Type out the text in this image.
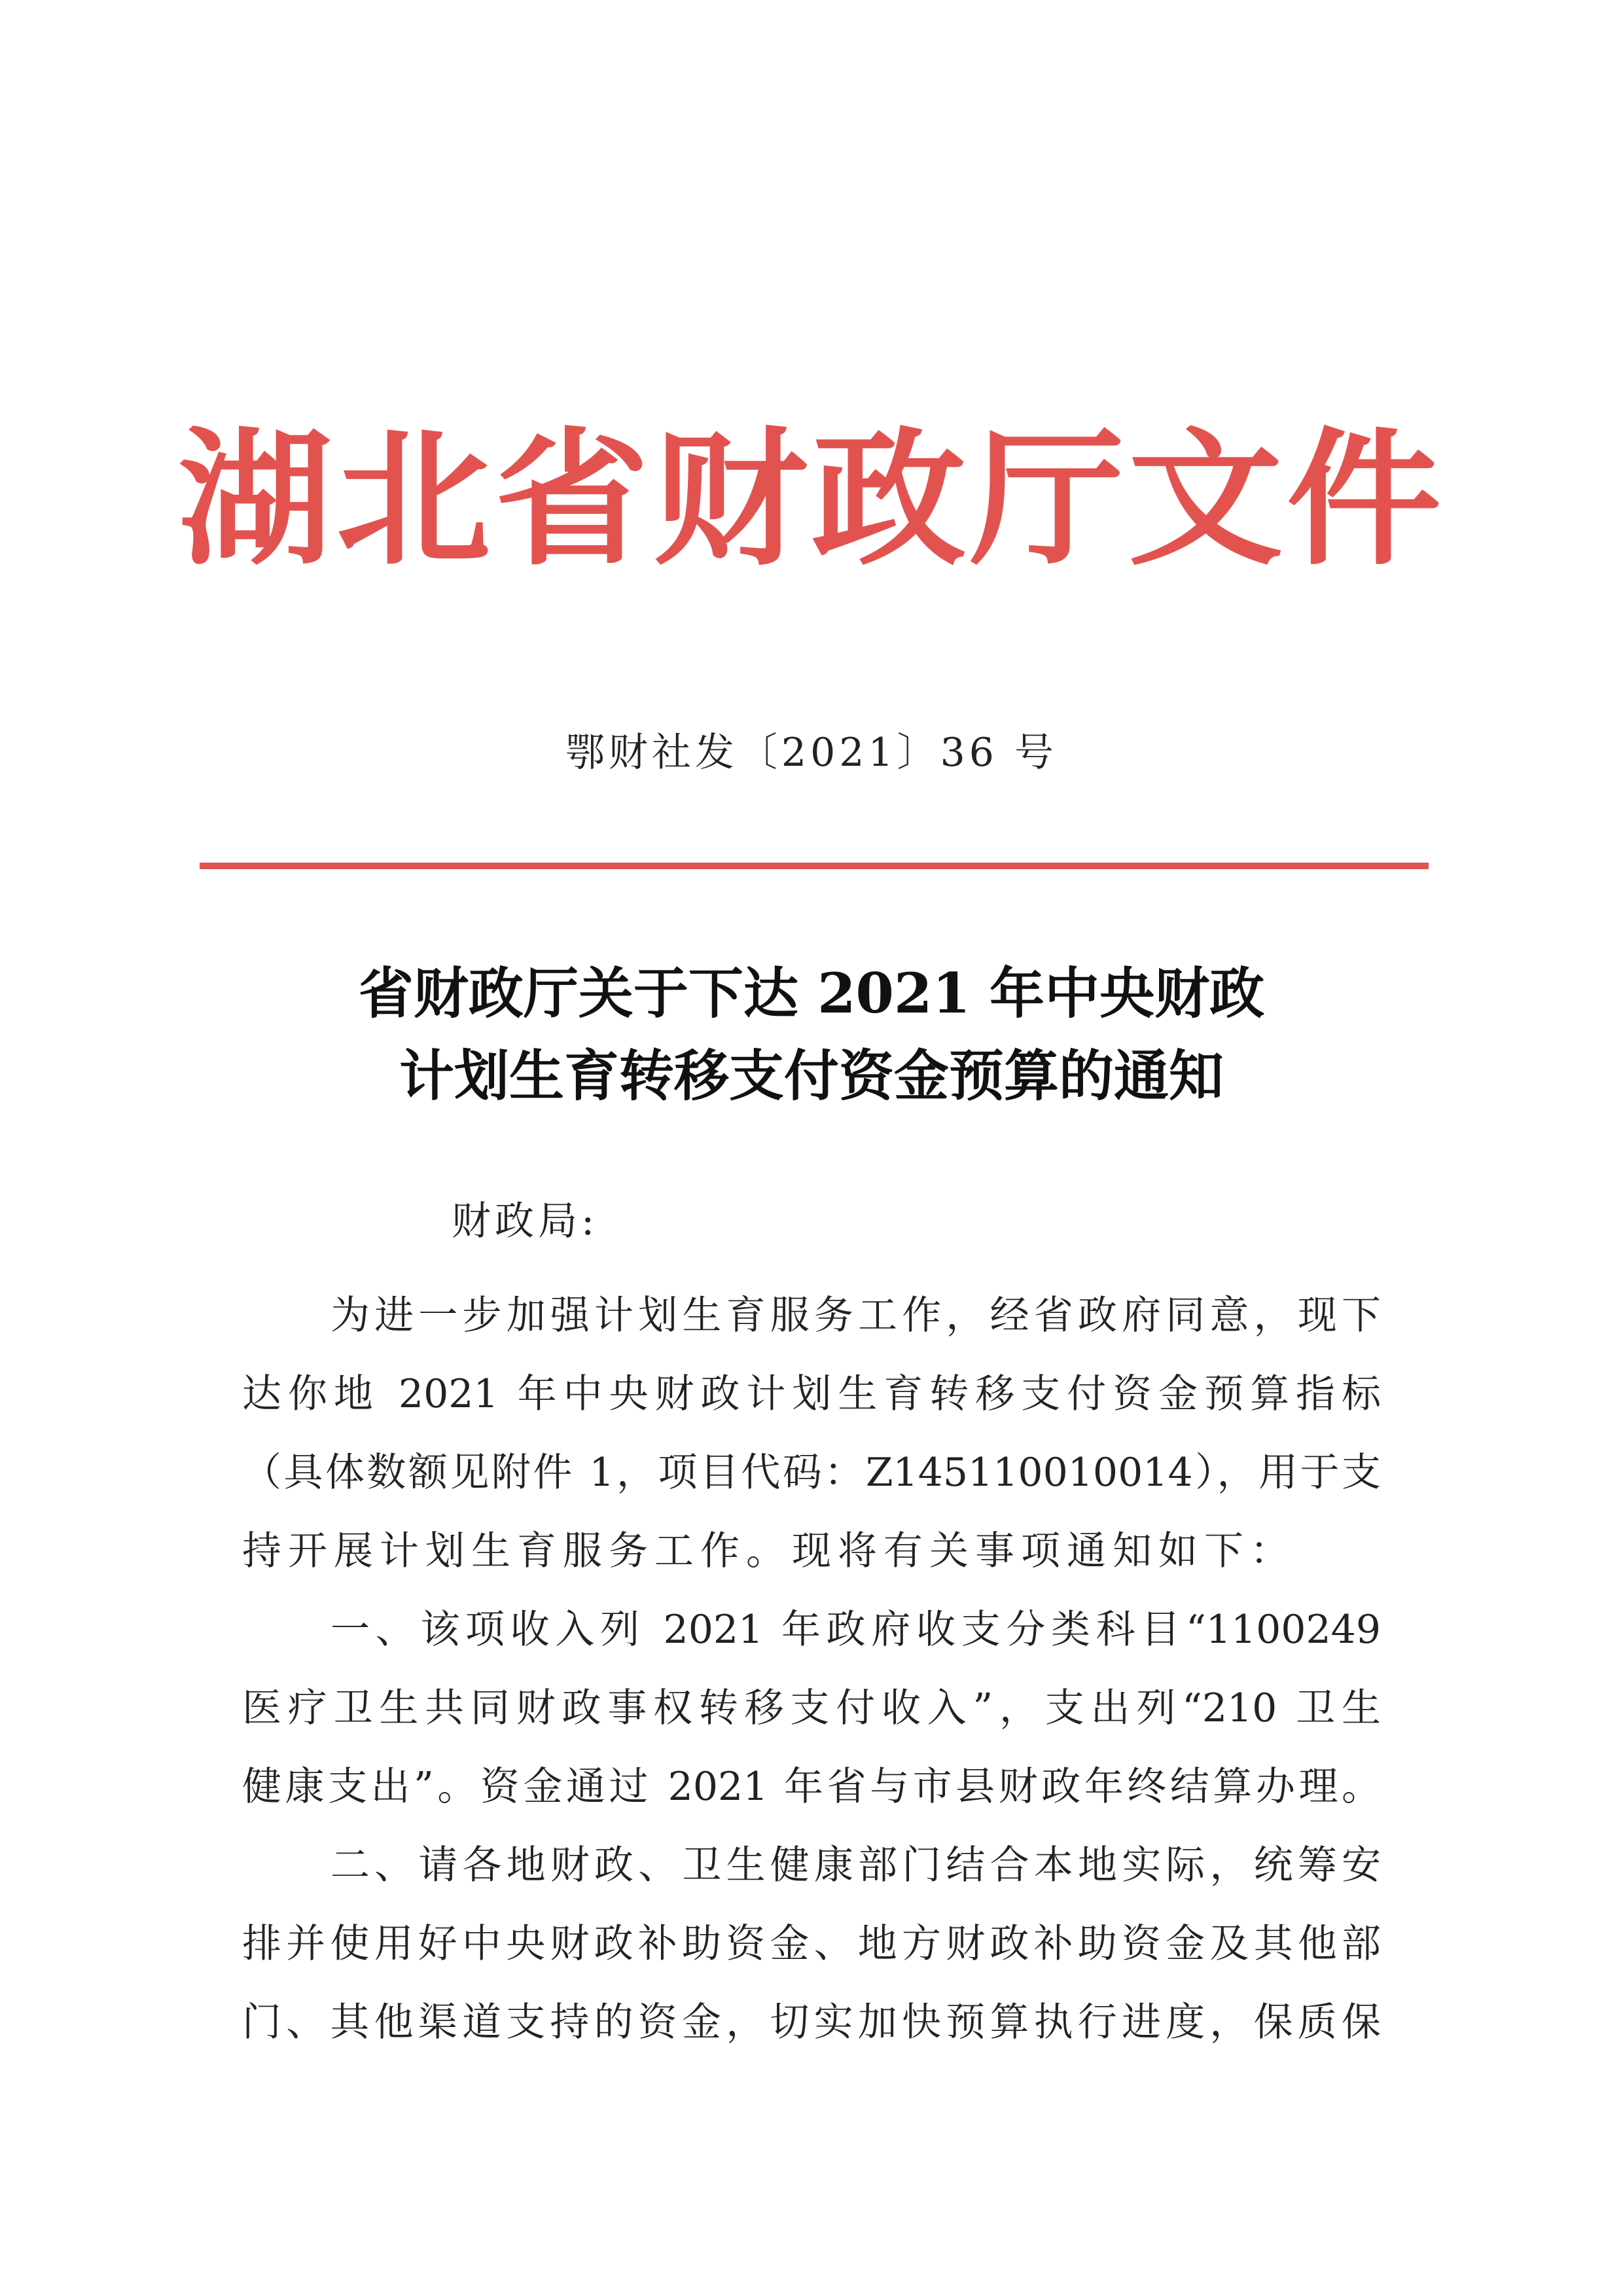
湖北省财政厅文件
鄂财社发〔2021〕36 号
省财政厅关于下达 2021 年中央财政
计划生育转移支付资金预算的通知
财政局:
为进一步加强计划生育服务工作，经省政府同意，现下
达你地 2021 年中央财政计划生育转移支付资金预算指标
（具体数额见附件 1，项目代码：Z145110010014），用于支
持开展计划生育服务工作。现将有关事项通知如下：
一、该项收入列 2021 年政府收支分类科目“1100249
医疗卫生共同财政事权转移支付收入”，支出列“210 卫生
健康支出”。资金通过 2021 年省与市县财政年终结算办理。
二、请各地财政、卫生健康部门结合本地实际，统筹安
排并使用好中央财政补助资金、地方财政补助资金及其他部
门、其他渠道支持的资金，切实加快预算执行进度，保质保
